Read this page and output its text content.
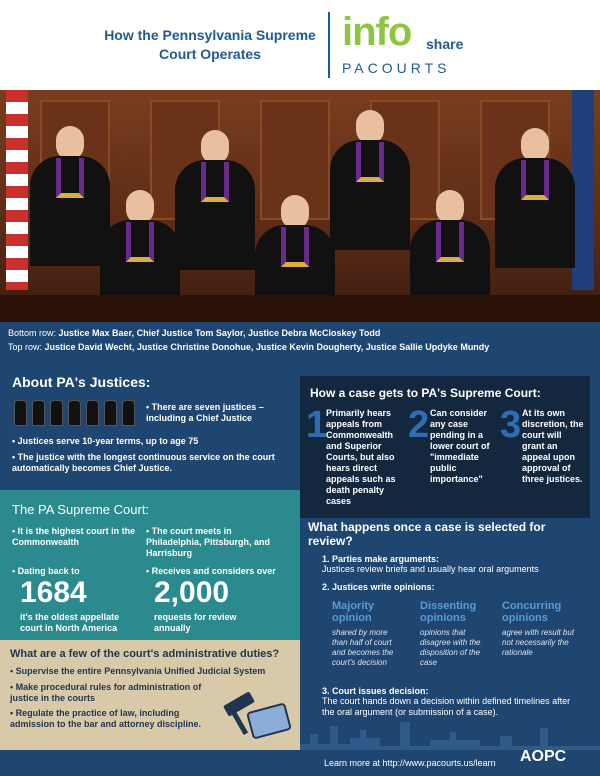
How the Pennsylvania Supreme Court Operates	info share
PACOURTS
Bottom row: Justice Max Baer, Chief Justice Tom Saylor, Justice Debra McCloskey Todd
Top row: Justice David Wecht, Justice Christine Donohue, Justice Kevin Dougherty, Justice Sallie Updyke Mundy
About PA's Justices:
• There are seven justices – including a Chief Justice
• Justices serve 10-year terms, up to age 75
• The justice with the longest continuous service on the court automatically becomes Chief Justice.
How a case gets to PA's Supreme Court:
1
Primarily hears appeals from Commonwealth and Superior Courts, but also hears direct appeals such as death penalty cases
2 Can consider any case pending in a lower court of "immediate public importance"
3 At its own discretion, the court will grant an appeal upon approval of three justices.
The PA Supreme Court:
• It is the highest court in the Commonwealth
• The court meets in Philadelphia, Pittsburgh, and Harrisburg
• Dating back to
1684
it's the oldest appellate court in North America
• Receives and considers over
2,000
requests for review annually
What are a few of the court's administrative duties?
• Supervise the entire Pennsylvania Unified Judicial System
• Make procedural rules for administration of justice in the courts
• Regulate the practice of law, including admission to the bar and attorney discipline.
What happens once a case is selected for review?
1. Parties make arguments:
Justices review briefs and usually hear oral arguments
2. Justices write opinions:
Majority opinion
shared by more than half of court and becomes the court's decision
Dissenting opinions
opinions that disagree with the disposition of the case
Concurring opinions
agree with result but not necessarily the rationale
3. Court issues decision:
The court hands down a decision within defined timelines after the oral argument (or submission of a case).
Learn more at http://www.pacourts.us/learn AOPC
